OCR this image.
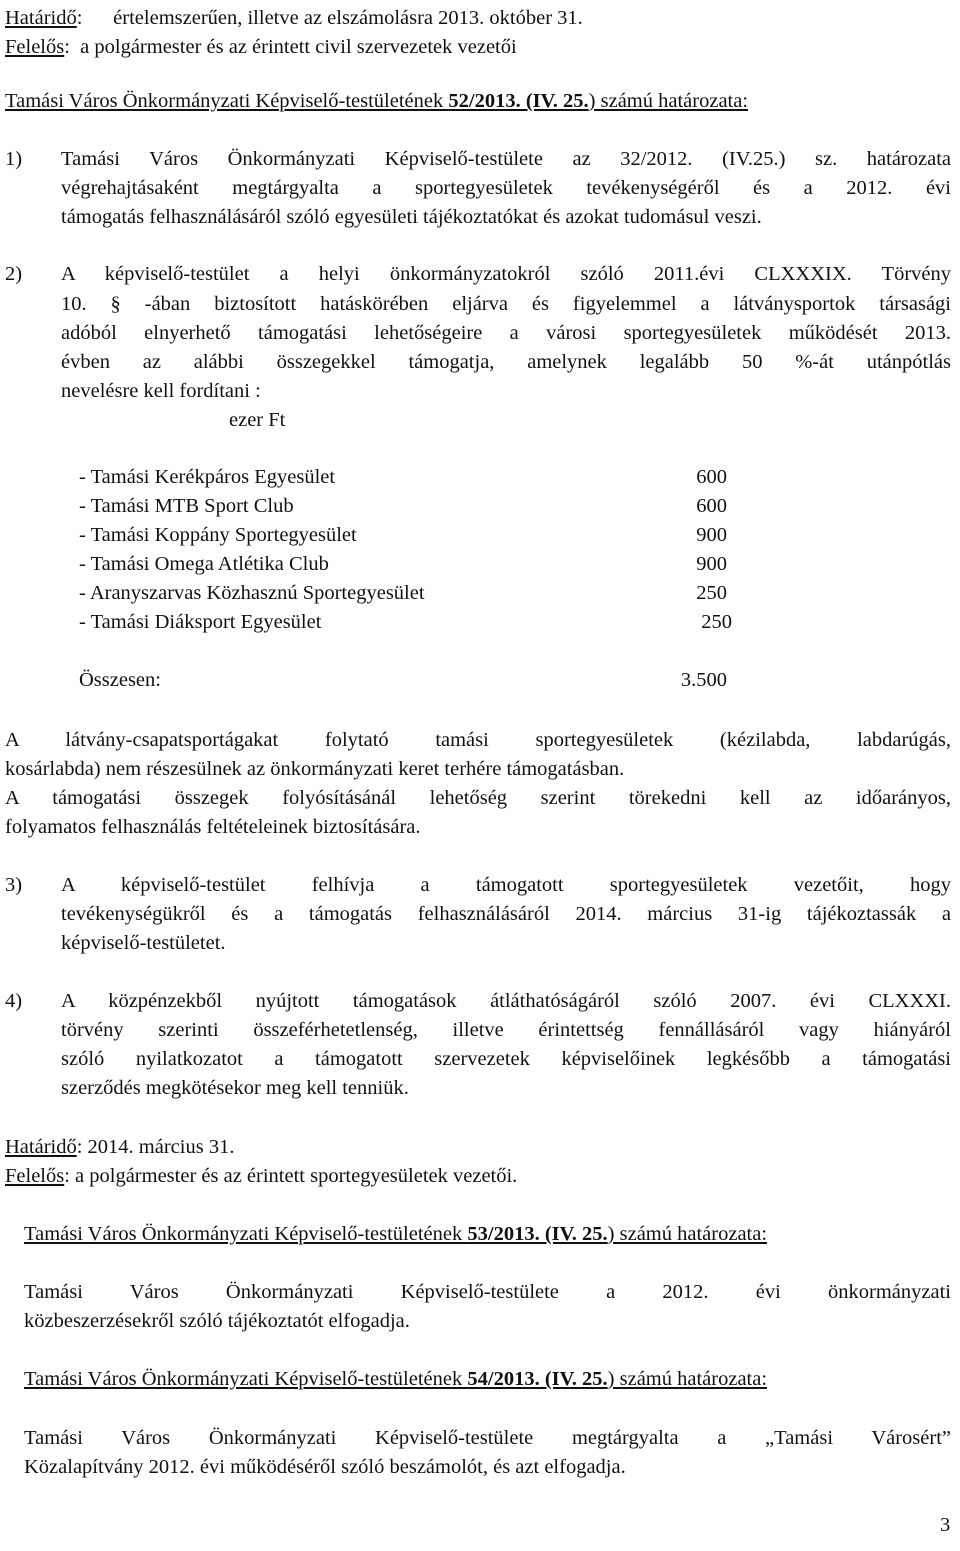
Határidő:      értelemszerűen, illetve az elszámolásra 2013. október 31.
Felelős:  a polgármester és az érintett civil szervezetek vezetői
Tamási Város Önkormányzati Képviselő-testületének 52/2013. (IV. 25.) számú határozata:
1) Tamási Város Önkormányzati Képviselő-testülete az 32/2012. (IV.25.) sz. határozata
végrehajtásaként megtárgyalta a sportegyesületek tevékenységéről és a 2012. évi
támogatás felhasználásáról szóló egyesületi tájékoztatókat és azokat tudomásul veszi.
2) A képviselő-testület a helyi önkormányzatokról szóló 2011.évi CLXXXIX. Törvény
10. § -ában biztosított hatáskörében eljárva és figyelemmel a látványsportok társasági
adóból elnyerhető támogatási lehetőségeire a városi sportegyesületek működését 2013.
évben az alábbi összegekkel támogatja, amelynek legalább 50 %-át utánpótlás
nevelésre kell fordítani :
ezer Ft
- Tamási Kerékpáros Egyesület	600
- Tamási MTB Sport Club	600
- Tamási Koppány Sportegyesület	900
- Tamási Omega Atlétika Club	900
- Aranyszarvas Közhasznú Sportegyesület	250
- Tamási Diáksport Egyesület	250
Összesen:	3.500
A látvány-csapatsportágakat folytató tamási sportegyesületek (kézilabda, labdarúgás,
kosárlabda) nem részesülnek az önkormányzati keret terhére támogatásban.
A támogatási összegek folyósításánál lehetőség szerint törekedni kell az időarányos,
folyamatos felhasználás feltételeinek biztosítására.
3) A képviselő-testület felhívja a támogatott sportegyesületek vezetőit, hogy
tevékenységükről és a támogatás felhasználásáról 2014. március 31-ig tájékoztassák a
képviselő-testületet.
4) A közpénzekből nyújtott támogatások átláthatóságáról szóló 2007. évi CLXXXI.
törvény szerinti összeférhetetlenség, illetve érintettség fennállásáról vagy hiányáról
szóló nyilatkozatot a támogatott szervezetek képviselőinek legkésőbb a támogatási
szerződés megkötésekor meg kell tenniük.
Határidő: 2014. március 31.
Felelős: a polgármester és az érintett sportegyesületek vezetői.
Tamási Város Önkormányzati Képviselő-testületének 53/2013. (IV. 25.) számú határozata:
Tamási Város Önkormányzati Képviselő-testülete a 2012. évi önkormányzati
közbeszerzésekről szóló tájékoztatót elfogadja.
Tamási Város Önkormányzati Képviselő-testületének 54/2013. (IV. 25.) számú határozata:
Tamási Város Önkormányzati Képviselő-testülete megtárgyalta a „Tamási Városért”
Közalapítvány 2012. évi működéséről szóló beszámolót, és azt elfogadja.
3
